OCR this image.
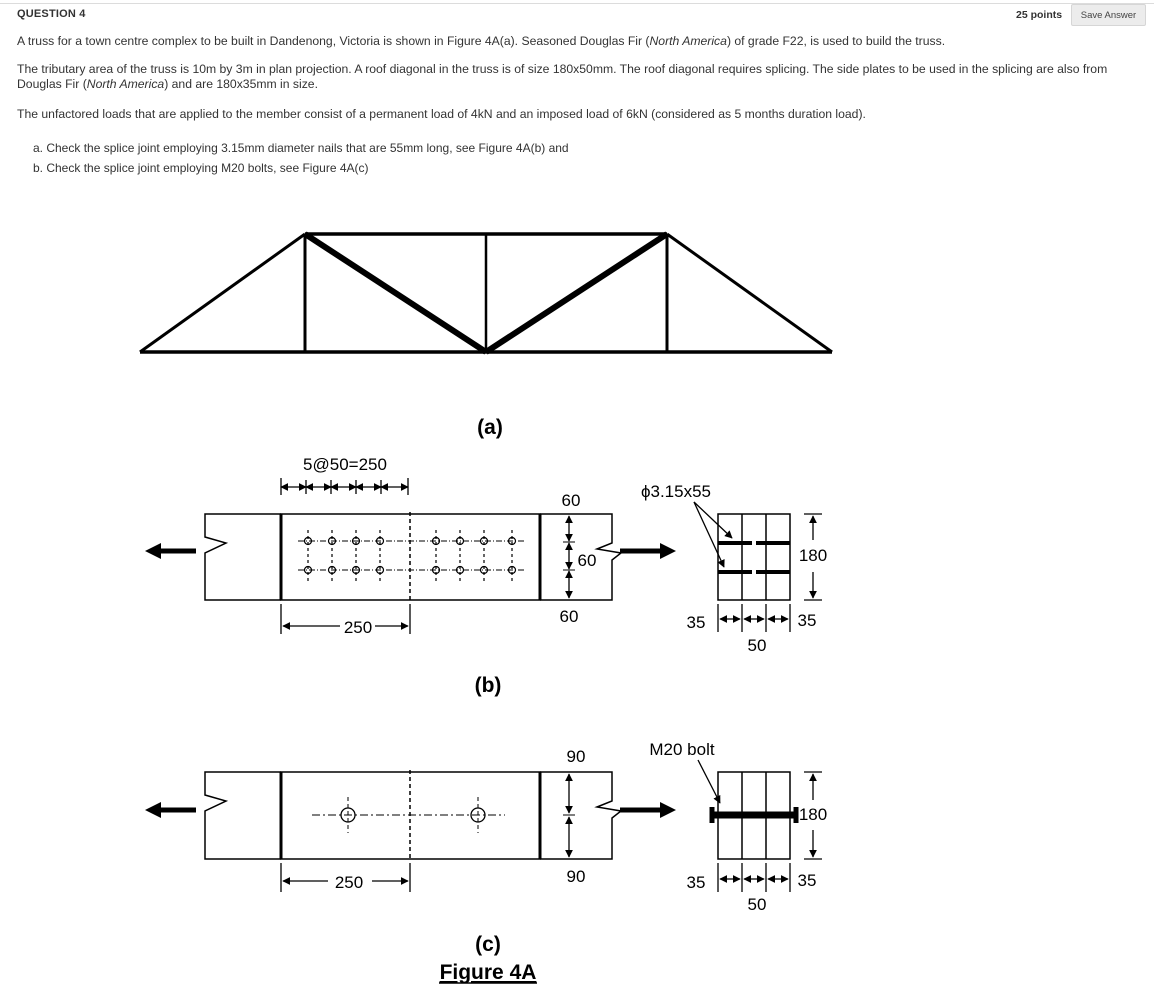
QUESTION 4	25 points	Save Answer
A truss for a town centre complex to be built in Dandenong, Victoria is shown in Figure 4A(a). Seasoned Douglas Fir (North America) of grade F22, is used to build the truss.
The tributary area of the truss is 10m by 3m in plan projection. A roof diagonal in the truss is of size 180x50mm. The roof diagonal requires splicing. The side plates to be used in the splicing are also from Douglas Fir (North America) and are 180x35mm in size.
The unfactored loads that are applied to the member consist of a permanent load of 4kN and an imposed load of 6kN (considered as 5 months duration load).
a. Check the splice joint employing 3.15mm diameter nails that are 55mm long, see Figure 4A(b) and
b. Check the splice joint employing M20 bolts, see Figure 4A(c)
(a)
5@50=250
250
60
60
60
ϕ3.15x55
180
35
50
35
(b)
250
90
90
M20 bolt
180
35
50
35
(c)
Figure 4A
